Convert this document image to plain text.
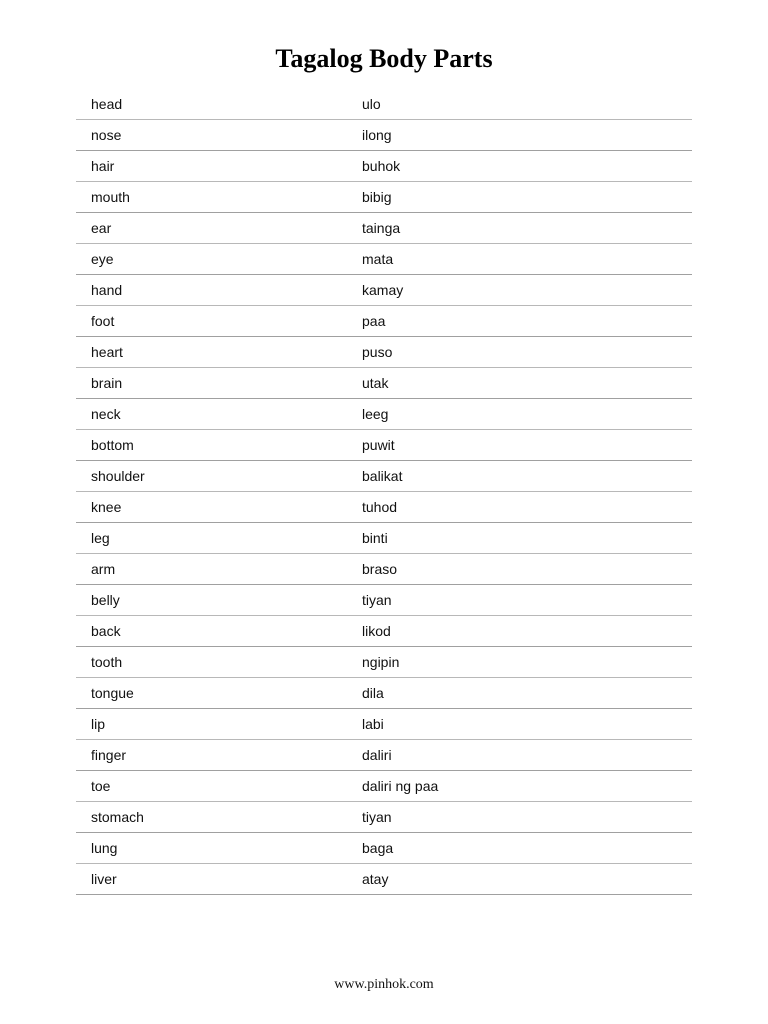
Tagalog Body Parts
head	ulo
nose	ilong
hair	buhok
mouth	bibig
ear	tainga
eye	mata
hand	kamay
foot	paa
heart	puso
brain	utak
neck	leeg
bottom	puwit
shoulder	balikat
knee	tuhod
leg	binti
arm	braso
belly	tiyan
back	likod
tooth	ngipin
tongue	dila
lip	labi
finger	daliri
toe	daliri ng paa
stomach	tiyan
lung	baga
liver	atay
www.pinhok.com
